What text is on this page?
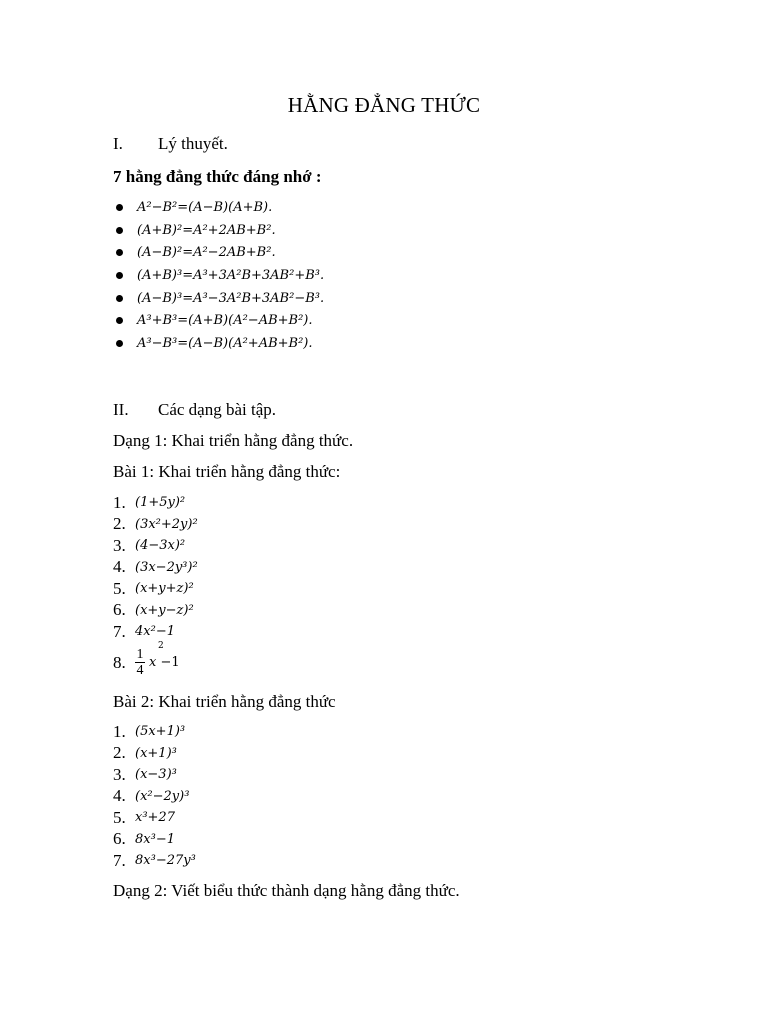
HẰNG ĐẲNG THỨC
I.	Lý thuyết.
7 hằng đẳng thức đáng nhớ :
A²−B²=(A−B)(A+B).
(A+B)²=A²+2AB+B².
(A−B)²=A²−2AB+B².
(A+B)³=A³+3A²B+3AB²+B³.
(A−B)³=A³−3A²B+3AB²−B³.
A³+B³=(A+B)(A²−AB+B²).
A³−B³=(A−B)(A²+AB+B²).
II.	Các dạng bài tập.
Dạng 1: Khai triển hằng đẳng thức.
Bài 1: Khai triển hằng đẳng thức:
1. (1+5y)²
2. (3x²+2y)²
3. (4−3x)²
4. (3x−2y³)²
5. (x+y+z)²
6. (x+y−z)²
7. 4x²−1
8. $\frac{1}{4}$ x
2
−1
Bài 2: Khai triển hằng đẳng thức
1. (5x+1)³
2. (x+1)³
3. (x−3)³
4. (x²−2y)³
5. x³+27
6. 8x³−1
7. 8x³−27y³
Dạng 2: Viết biểu thức thành dạng hằng đẳng thức.
